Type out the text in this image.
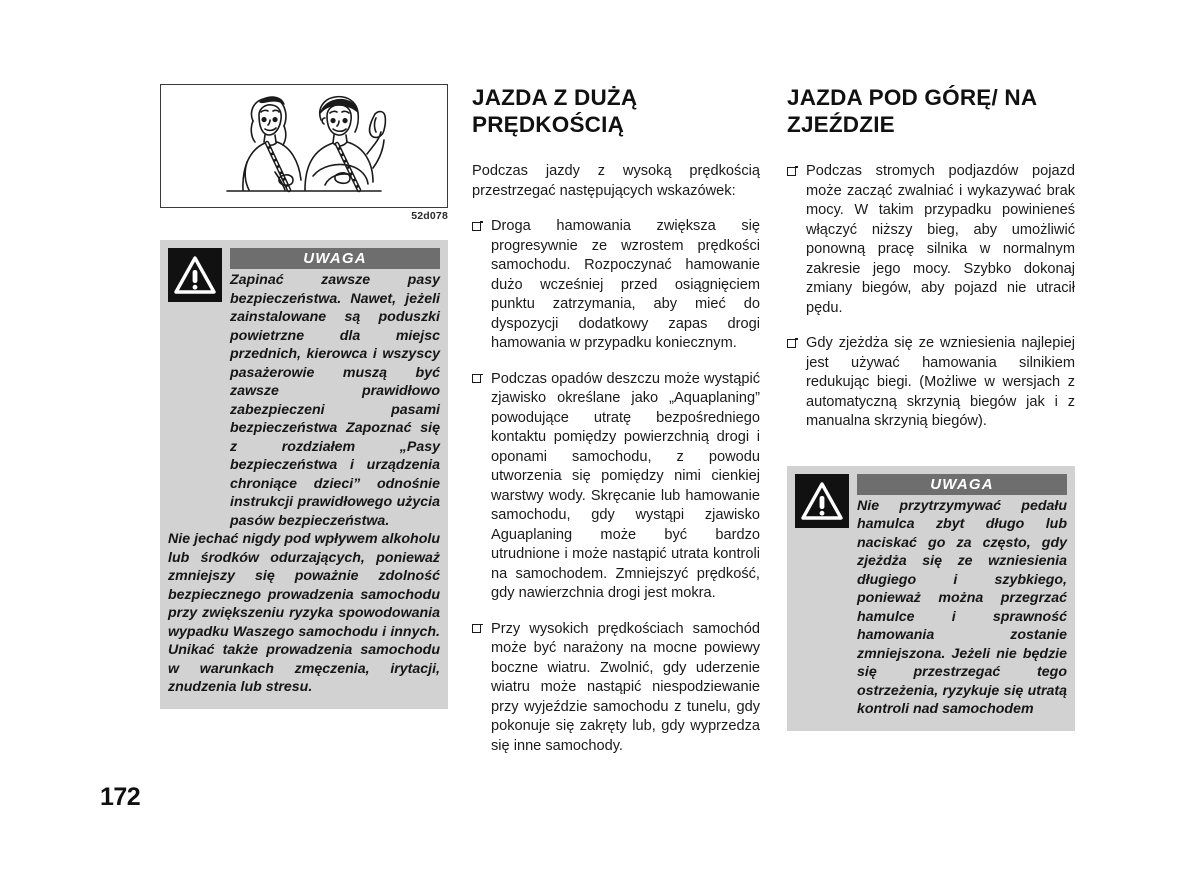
52d078
UWAGA
Zapinać zawsze pasy bezpieczeństwa. Nawet, jeżeli zainstalowane są poduszki powietrzne dla miejsc przednich, kierowca i wszyscy pasażerowie muszą być zawsze prawidłowo zabezpieczeni pasami bezpieczeństwa Zapoznać się z rozdziałem „Pasy bezpieczeństwa i urządzenia chroniące dzieci” odnośnie instrukcji prawidłowego użycia pasów bezpieczeństwa.

Nie jechać nigdy pod wpływem alkoholu lub środków odurzających, ponieważ zmniejszy się poważnie zdolność bezpiecznego prowadzenia samochodu przy zwiększeniu ryzyka spowodowania wypadku Waszego samochodu i innych. Unikać także prowadzenia samochodu w warunkach zmęczenia, irytacji, znudzenia lub stresu.

JAZDA Z DUŻĄ PRĘDKOŚCIĄ

Podczas jazdy z wysoką prędkością przestrzegać następujących wskazówek:

Droga hamowania zwiększa się progresywnie ze wzrostem prędkości samochodu. Rozpoczynać hamowanie dużo wcześniej przed osiągnięciem punktu zatrzymania, aby mieć do dyspozycji dodatkowy zapas drogi hamowania w przypadku koniecznym.
Podczas opadów deszczu może wystąpić zjawisko określane jako „Aquaplaning” powodujące utratę bezpośredniego kontaktu pomiędzy powierzchnią drogi i oponami samochodu, z powodu utworzenia się pomiędzy nimi cienkiej warstwy wody. Skręcanie lub hamowanie samochodu, gdy wystąpi zjawisko Aguaplaning może być bardzo utrudnione i może nastąpić utrata kontroli na samochodem. Zmniejszyć prędkość, gdy nawierzchnia drogi jest mokra.
Przy wysokich prędkościach samochód może być narażony na mocne powiewy boczne wiatru. Zwolnić, gdy uderzenie wiatru może nastąpić niespodziewanie przy wyjeździe samochodu z tunelu, gdy pokonuje się zakręty lub, gdy wyprzedza się inne samochody.
JAZDA POD GÓRĘ/ NA ZJEŹDZIE
Podczas stromych podjazdów pojazd może zacząć zwalniać i wykazywać brak mocy. W takim przypadku powinieneś włączyć niższy bieg, aby umożliwić ponowną pracę silnika w normalnym zakresie jego mocy. Szybko dokonaj zmiany biegów, aby pojazd nie utracił pędu.
Gdy zjeżdża się ze wzniesienia najlepiej jest używać hamowania silnikiem redukując biegi. (Możliwe w wersjach z automatyczną skrzynią biegów jak i z manualna skrzynią biegów).
UWAGA
Nie przytrzymywać pedału hamulca zbyt długo lub naciskać go za często, gdy zjeżdża się ze wzniesienia długiego i szybkiego, ponieważ można przegrzać hamulce i sprawność hamowania zostanie zmniejszona. Jeżeli nie będzie się przestrzegać tego ostrzeżenia, ryzykuje się utratą kontroli nad samochodem
172
